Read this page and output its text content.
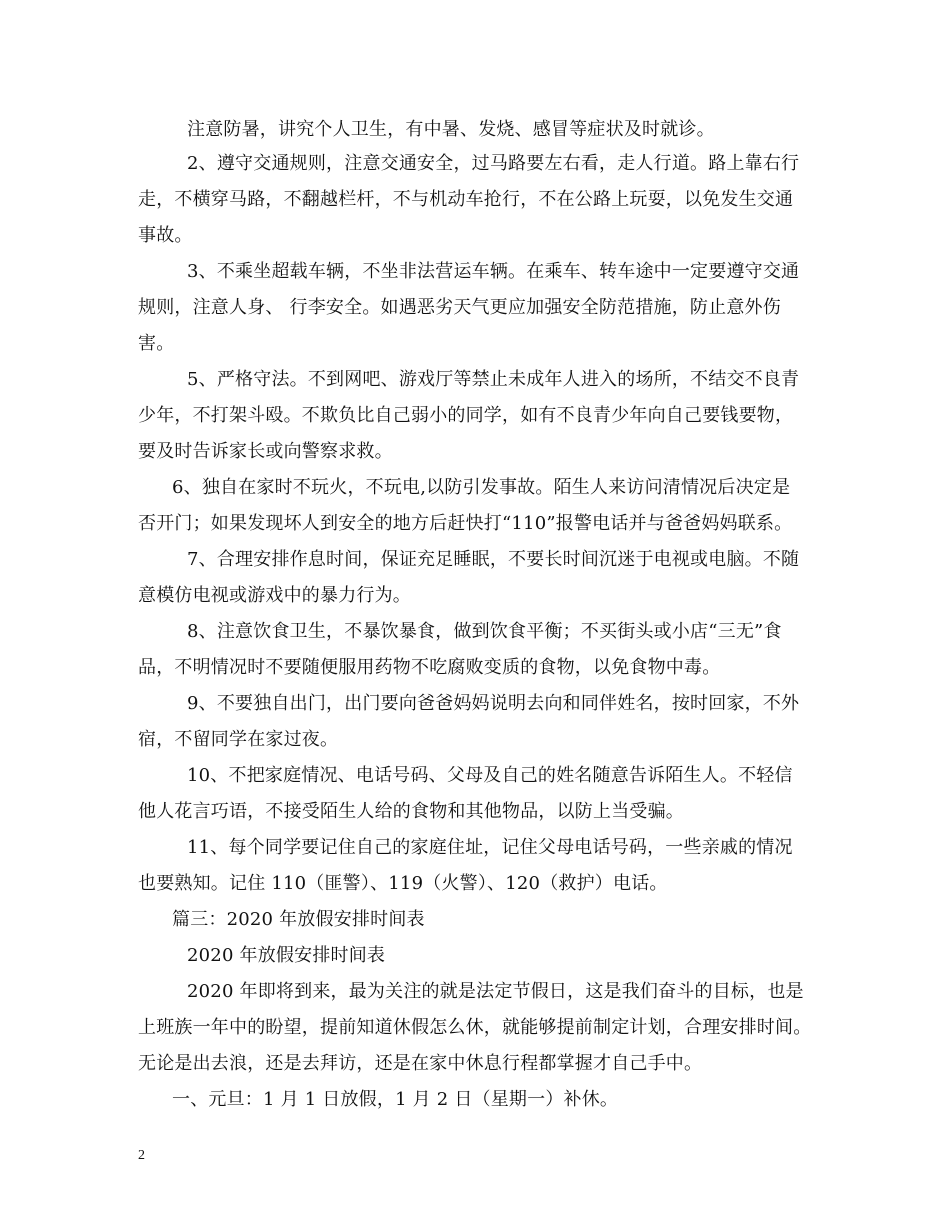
注意防暑，讲究个人卫生，有中暑、发烧、感冒等症状及时就诊。
2、遵守交通规则，注意交通安全，过马路要左右看，走人行道。路上靠右行
走，不横穿马路，不翻越栏杆，不与机动车抢行，不在公路上玩耍，以免发生交通
事故。
3、不乘坐超载车辆，不坐非法营运车辆。在乘车、转车途中一定要遵守交通
规则，注意人身、 行李安全。如遇恶劣天气更应加强安全防范措施，防止意外伤
害。
5、严格守法。不到网吧、游戏厅等禁止未成年人进入的场所，不结交不良青
少年，不打架斗殴。不欺负比自己弱小的同学，如有不良青少年向自己要钱要物，
要及时告诉家长或向警察求救。
6、独自在家时不玩火，不玩电,以防引发事故。陌生人来访问清情况后决定是
否开门；如果发现坏人到安全的地方后赶快打“110”报警电话并与爸爸妈妈联系。
7、合理安排作息时间，保证充足睡眠，不要长时间沉迷于电视或电脑。不随
意模仿电视或游戏中的暴力行为。
8、注意饮食卫生，不暴饮暴食，做到饮食平衡；不买街头或小店“三无”食
品，不明情况时不要随便服用药物不吃腐败变质的食物，以免食物中毒。
9、不要独自出门，出门要向爸爸妈妈说明去向和同伴姓名，按时回家，不外
宿，不留同学在家过夜。
10、不把家庭情况、电话号码、父母及自己的姓名随意告诉陌生人。不轻信
他人花言巧语，不接受陌生人给的食物和其他物品，以防上当受骗。
11、每个同学要记住自己的家庭住址，记住父母电话号码，一些亲戚的情况
也要熟知。记住 110（匪警）、119（火警）、120（救护）电话。
篇三：2020 年放假安排时间表
2020 年放假安排时间表
2020 年即将到来，最为关注的就是法定节假日，这是我们奋斗的目标，也是
上班族一年中的盼望，提前知道休假怎么休，就能够提前制定计划，合理安排时间。
无论是出去浪，还是去拜访，还是在家中休息行程都掌握才自己手中。
一、元旦：1 月 1 日放假，1 月 2 日（星期一）补休。
2
